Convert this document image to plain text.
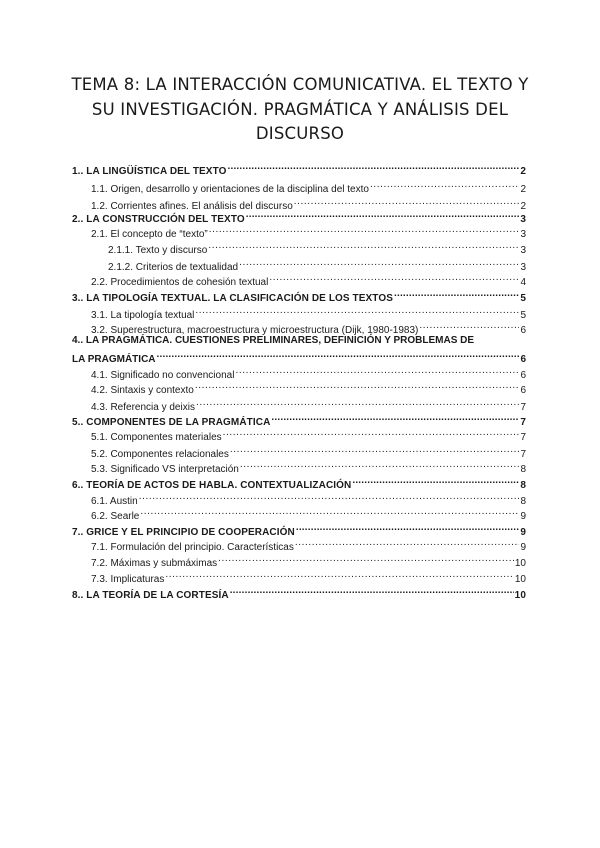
TEMA 8: LA INTERACCIÓN COMUNICATIVA. EL TEXTO Y
SU INVESTIGACIÓN. PRAGMÁTICA Y ANÁLISIS DEL
DISCURSO
1.. LA LINGÜÍSTICA DEL TEXTO .....	2
1.1. Origen, desarrollo y orientaciones de la disciplina del texto .....	2
1.2. Corrientes afines. El análisis del discurso .....	2
2.. LA CONSTRUCCIÓN DEL TEXTO .....	3
2.1. El concepto de “texto” .....	3
2.1.1. Texto y discurso .....	3
2.1.2. Criterios de textualidad .....	3
2.2. Procedimientos de cohesión textual .....	4
3.. LA TIPOLOGÍA TEXTUAL. LA CLASIFICACIÓN DE LOS TEXTOS .....	5
3.1. La tipología textual .....	5
3.2. Superestructura, macroestructura y microestructura (Dijk, 1980-1983) .....	6
4.. LA PRAGMÁTICA. CUESTIONES PRELIMINARES, DEFINICIÓN Y PROBLEMAS DE
LA PRAGMÁTICA .....	6
4.1. Significado no convencional .....	6
4.2. Sintaxis y contexto .....	6
4.3. Referencia y deixis .....	7
5.. COMPONENTES DE LA PRAGMÁTICA .....	7
5.1. Componentes materiales .....	7
5.2. Componentes relacionales .....	7
5.3. Significado VS interpretación .....	8
6.. TEORÍA DE ACTOS DE HABLA. CONTEXTUALIZACIÓN .....	8
6.1. Austin .....	8
6.2. Searle .....	9
7.. GRICE Y EL PRINCIPIO DE COOPERACIÓN .....	9
7.1. Formulación del principio. Características .....	9
7.2. Máximas y submáximas .....	10
7.3. Implicaturas .....	10
8.. LA TEORÍA DE LA CORTESÍA .....	10
